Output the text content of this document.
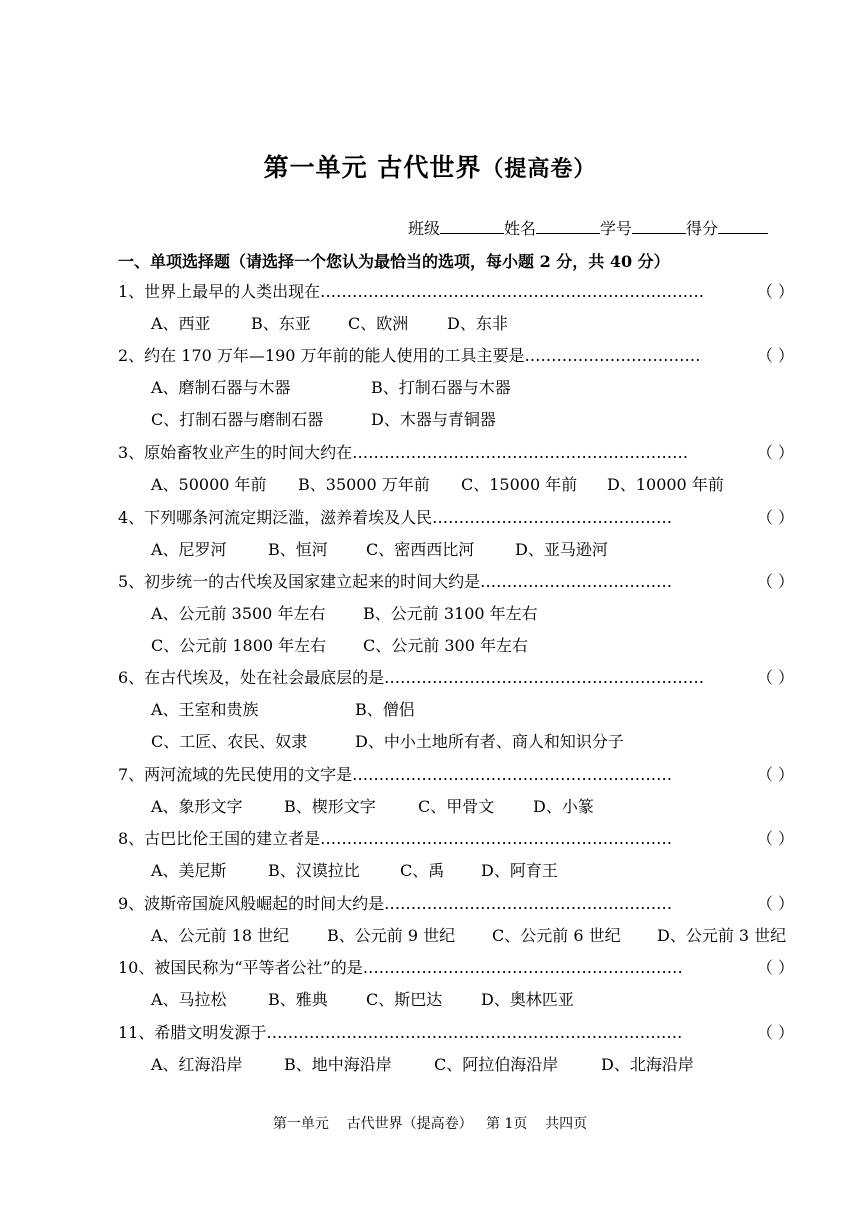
第一单元 古代世界（提高卷）
班级	姓名	学号	得分
一、单项选择题（请选择一个您认为最恰当的选项，每小题 2 分，共 40 分）
1、世界上最早的人类出现在………………………………………………………………	（ ）
A、西亚	B、东亚 C、欧洲 D、东非
2、约在 170 万年—190 万年前的能人使用的工具主要是……………………………	（ ）
A、磨制石器与木器	B、打制石器与木器
C、打制石器与磨制石器	D、木器与青铜器
3、原始畜牧业产生的时间大约在………………………………………………………	（ ）
A、50000 年前 B、35000 万年前 C、15000 年前 D、10000 年前
4、下列哪条河流定期泛滥，滋养着埃及人民………………………………………	（ ）
A、尼罗河	B、恒河 C、密西西比河	D、亚马逊河
5、初步统一的古代埃及国家建立起来的时间大约是………………………………	（ ）
A、公元前 3500 年左右 B、公元前 3100 年左右
C、公元前 1800 年左右 C、公元前 300 年左右
6、在古代埃及，处在社会最底层的是……………………………………………………	（ ）
A、王室和贵族	B、僧侣
C、工匠、农民、奴隶	D、中小土地所有者、商人和知识分子
7、两河流域的先民使用的文字是……………………………………………………	（ ）
A、象形文字	B、楔形文字	C、甲骨文 D、小篆
8、古巴比伦王国的建立者是…………………………………………………………	（ ）
A、美尼斯	B、汉谟拉比	C、禹 D、阿育王
9、波斯帝国旋风般崛起的时间大约是………………………………………………	（ ）
A、公元前 18 世纪 B、公元前 9 世纪 C、公元前 6 世纪 D、公元前 3 世纪
10、被国民称为“平等者公社”的是……………………………………………………	（ ）
A、马拉松	B、雅典 C、斯巴达 D、奥林匹亚
11、希腊文明发源于……………………………………………………………………	（ ）
A、红海沿岸	B、地中海沿岸	C、阿拉伯海沿岸	D、北海沿岸
第一单元    古代世界（提高卷）   第 1页    共四页
